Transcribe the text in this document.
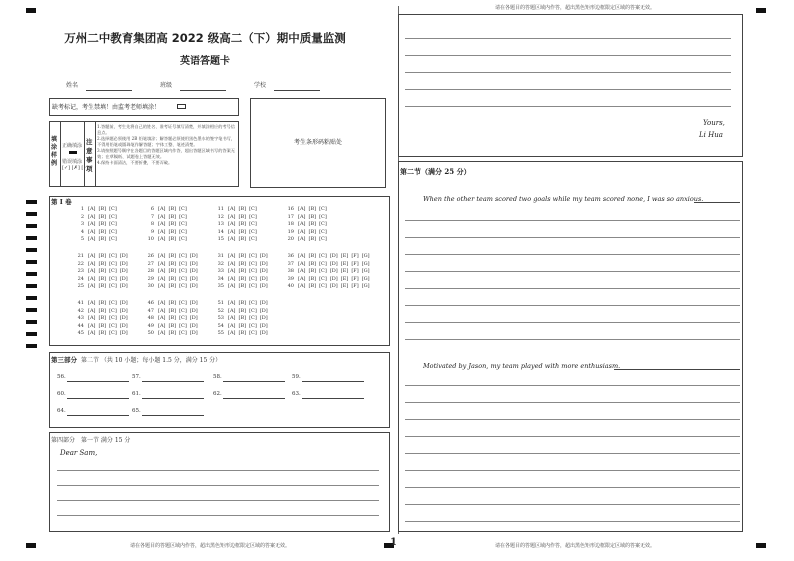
万州二中教育集团高 2022 级高二（下）期中质量监测
英语答题卡
姓名	班级	学校
缺考标记，考生禁填！由监考老师填涂！
考生条形码粘贴处
填涂样例
正确填涂
错误填涂
[✓] [✗] [•]
注意事项
1.答题前，考生先将自己的姓名、准考证号填写清楚，并填涂相应的考号信息点。
2.选择题必须使用 2B 铅笔填涂；解答题必须使用黑色墨水的签字笔书写，不得用铅笔或圆珠笔作解答题；字体工整、笔迹清楚。
3.请按照题号顺序在各题目的答题区域内作答，超出答题区域书写的答案无效；在草稿纸、试题卷上答题无效。
4.保持卡面清洁，不要折叠，不要弄破。
第 I 卷
1 [A] [B] [C]
2 [A] [B] [C]
3 [A] [B] [C]
4 [A] [B] [C]
5 [A] [B] [C]
6 [A] [B] [C]
7 [A] [B] [C]
8 [A] [B] [C]
9 [A] [B] [C]
10 [A] [B] [C]
11 [A] [B] [C]
12 [A] [B] [C]
13 [A] [B] [C]
14 [A] [B] [C]
15 [A] [B] [C]
16 [A] [B] [C]
17 [A] [B] [C]
18 [A] [B] [C]
19 [A] [B] [C]
20 [A] [B] [C]
21 [A] [B] [C] [D]
22 [A] [B] [C] [D]
23 [A] [B] [C] [D]
24 [A] [B] [C] [D]
25 [A] [B] [C] [D]
26 [A] [B] [C] [D]
27 [A] [B] [C] [D]
28 [A] [B] [C] [D]
29 [A] [B] [C] [D]
30 [A] [B] [C] [D]
31 [A] [B] [C] [D]
32 [A] [B] [C] [D]
33 [A] [B] [C] [D]
34 [A] [B] [C] [D]
35 [A] [B] [C] [D]
36 [A] [B] [C] [D] [E] [F] [G]
37 [A] [B] [C] [D] [E] [F] [G]
38 [A] [B] [C] [D] [E] [F] [G]
39 [A] [B] [C] [D] [E] [F] [G]
40 [A] [B] [C] [D] [E] [F] [G]
41 [A] [B] [C] [D]
42 [A] [B] [C] [D]
43 [A] [B] [C] [D]
44 [A] [B] [C] [D]
45 [A] [B] [C] [D]
46 [A] [B] [C] [D]
47 [A] [B] [C] [D]
48 [A] [B] [C] [D]
49 [A] [B] [C] [D]
50 [A] [B] [C] [D]
51 [A] [B] [C] [D]
52 [A] [B] [C] [D]
53 [A] [B] [C] [D]
54 [A] [B] [C] [D]
55 [A] [B] [C] [D]
第三部分 第二节 （共 10 小题；每小题 1.5 分，满分 15 分）
56.	57.	58.	59.
60.	61.	62.	63.
64.	65.
第四部分 第一节 满分 15 分
Dear Sam,
请在各题目的答题区域内作答，超出黑色矩形边框限定区域的答案无效。	1
请在各题目的答题区域内作答，超出黑色矩形边框限定区域的答案无效。
Yours,
Li Hua
第二节（满分 25 分）
When the other team scored two goals while my team scored none, I was so anxious.
Motivated by Jason, my team played with more enthusiasm.
请在各题目的答题区域内作答，超出黑色矩形边框限定区域的答案无效。
